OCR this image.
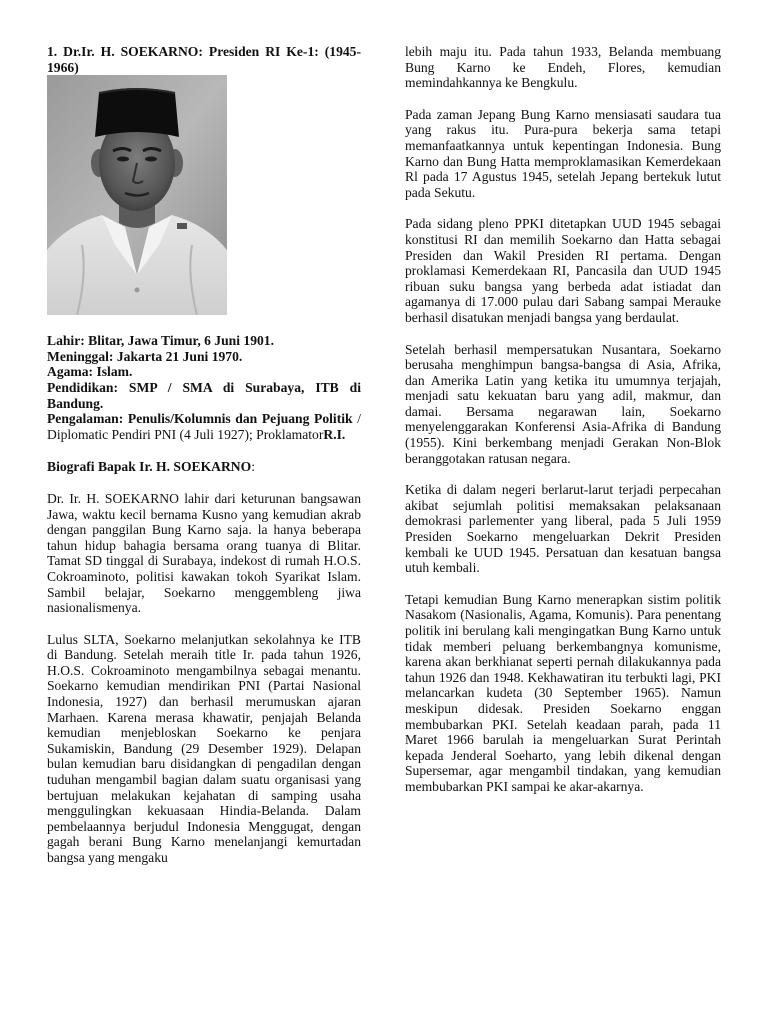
1. Dr.Ir. H. SOEKARNO: Presiden RI Ke-1: (1945-1966)

Lahir: Blitar, Jawa Timur, 6 Juni 1901.
Meninggal: Jakarta 21 Juni 1970.
Agama: Islam.
Pendidikan: SMP / SMA di Surabaya, ITB di Bandung.
Pengalaman: Penulis/Kolumnis dan Pejuang Politik / Diplomatic Pendiri PNI (4 Juli 1927); ProklamatorR.I.

Biografi Bapak Ir. H. SOEKARNO:

Dr. Ir. H. SOEKARNO lahir dari keturunan bangsawan Jawa, waktu kecil bernama Kusno yang kemudian akrab dengan panggilan Bung Karno saja. la hanya beberapa tahun hidup bahagia bersama orang tuanya di Blitar. Tamat SD tinggal di Surabaya, indekost di rumah H.O.S. Cokroaminoto, politisi kawakan tokoh Syarikat Islam. Sambil belajar, Soekarno menggembleng jiwa nasionalismenya.

Lulus SLTA, Soekarno melanjutkan sekolahnya ke ITB di Bandung. Setelah meraih title Ir. pada tahun 1926, H.O.S. Cokroaminoto mengambilnya sebagai menantu. Soekarno kemudian mendirikan PNI (Partai Nasional Indonesia, 1927) dan berhasil merumuskan ajaran Marhaen. Karena merasa khawatir, penjajah Belanda kemudian menjebloskan Soekarno ke penjara Sukamiskin, Bandung (29 Desember 1929). Delapan bulan kemudian baru disidangkan di pengadilan dengan tuduhan mengambil bagian dalam suatu organisasi yang bertujuan melakukan kejahatan di samping usaha menggulingkan kekuasaan Hindia-Belanda. Dalam pembelaannya berjudul Indonesia Menggugat, dengan gagah berani Bung Karno menelanjangi kemurtadan bangsa yang mengaku

lebih maju itu. Pada tahun 1933, Belanda membuang Bung Karno ke Endeh, Flores, kemudian memindahkannya ke Bengkulu.

Pada zaman Jepang Bung Karno mensiasati saudara tua yang rakus itu. Pura-pura bekerja sama tetapi memanfaatkannya untuk kepentingan Indonesia. Bung Karno dan Bung Hatta memproklamasikan Kemerdekaan Rl pada 17 Agustus 1945, setelah Jepang bertekuk lutut pada Sekutu.

Pada sidang pleno PPKI ditetapkan UUD 1945 sebagai konstitusi RI dan memilih Soekarno dan Hatta sebagai Presiden dan Wakil Presiden RI pertama. Dengan proklamasi Kemerdekaan RI, Pancasila dan UUD 1945 ribuan suku bangsa yang berbeda adat istiadat dan agamanya di 17.000 pulau dari Sabang sampai Merauke berhasil disatukan menjadi bangsa yang berdaulat.

Setelah berhasil mempersatukan Nusantara, Soekarno berusaha menghimpun bangsa-bangsa di Asia, Afrika, dan Amerika Latin yang ketika itu umumnya terjajah, menjadi satu kekuatan baru yang adil, makmur, dan damai. Bersama negarawan lain, Soekarno menyelenggarakan Konferensi Asia-Afrika di Bandung (1955). Kini berkembang menjadi Gerakan Non-Blok beranggotakan ratusan negara.

Ketika di dalam negeri berlarut-larut terjadi perpecahan akibat sejumlah politisi memaksakan pelaksanaan demokrasi parlementer yang liberal, pada 5 Juli 1959 Presiden Soekarno mengeluarkan Dekrit Presiden kembali ke UUD 1945. Persatuan dan kesatuan bangsa utuh kembali.

Tetapi kemudian Bung Karno menerapkan sistim politik Nasakom (Nasionalis, Agama, Komunis). Para penentang politik ini berulang kali mengingatkan Bung Karno untuk tidak memberi peluang berkembangnya komunisme, karena akan berkhianat seperti pernah dilakukannya pada tahun 1926 dan 1948. Kekhawatiran itu terbukti lagi, PKI melancarkan kudeta (30 September 1965). Namun meskipun didesak. Presiden Soekarno enggan membubarkan PKI. Setelah keadaan parah, pada 11 Maret 1966 barulah ia mengeluarkan Surat Perintah kepada Jenderal Soeharto, yang lebih dikenal dengan Supersemar, agar mengambil tindakan, yang kemudian membubarkan PKI sampai ke akar-akarnya.
